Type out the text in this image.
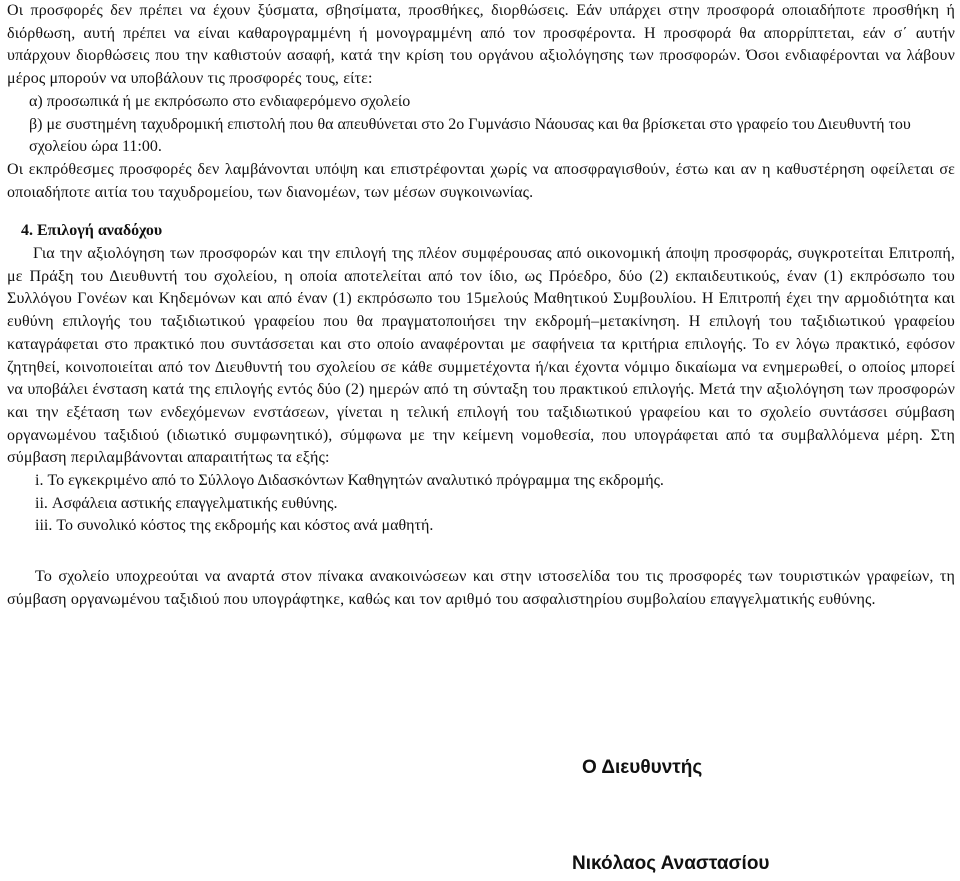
Οι προσφορές δεν πρέπει να έχουν ξύσματα, σβησίματα, προσθήκες, διορθώσεις. Εάν υπάρχει στην προσφορά οποιαδήποτε προσθήκη ή διόρθωση, αυτή πρέπει να είναι καθαρογραμμένη ή μονογραμμένη από τον προσφέροντα. Η προσφορά θα απορρίπτεται, εάν σ΄ αυτήν υπάρχουν διορθώσεις που την καθιστούν ασαφή, κατά την κρίση του οργάνου αξιολόγησης των προσφορών. Όσοι ενδιαφέρονται να λάβουν μέρος μπορούν να υποβάλουν τις προσφορές τους, είτε:

α) προσωπικά ή με εκπρόσωπο στο ενδιαφερόμενο σχολείο

β) με συστημένη ταχυδρομική επιστολή που θα απευθύνεται στο 2ο Γυμνάσιο Νάουσας και θα βρίσκεται στο γραφείο του Διευθυντή του σχολείου ώρα 11:00.

Οι εκπρόθεσμες προσφορές δεν λαμβάνονται υπόψη και επιστρέφονται χωρίς να αποσφραγισθούν, έστω και αν η καθυστέρηση οφείλεται σε οποιαδήποτε αιτία του ταχυδρομείου, των διανομέων, των μέσων συγκοινωνίας.

4. Επιλογή αναδόχου

Για την αξιολόγηση των προσφορών και την επιλογή της πλέον συμφέρουσας από οικονομική άποψη προσφοράς, συγκροτείται Επιτροπή, με Πράξη του Διευθυντή του σχολείου, η οποία αποτελείται από τον ίδιο, ως Πρόεδρο, δύο (2) εκπαιδευτικούς, έναν (1) εκπρόσωπο του Συλλόγου Γονέων και Κηδεμόνων και από έναν (1) εκπρόσωπο του 15μελούς Μαθητικού Συμβουλίου. Η Επιτροπή έχει την αρμοδιότητα και ευθύνη επιλογής του ταξιδιωτικού γραφείου που θα πραγματοποιήσει την εκδρομή–μετακίνηση. Η επιλογή του ταξιδιωτικού γραφείου καταγράφεται στο πρακτικό που συντάσσεται και στο οποίο αναφέρονται με σαφήνεια τα κριτήρια επιλογής. Το εν λόγω πρακτικό, εφόσον ζητηθεί, κοινοποιείται από τον Διευθυντή του σχολείου σε κάθε συμμετέχοντα ή/και έχοντα νόμιμο δικαίωμα να ενημερωθεί, ο οποίος μπορεί να υποβάλει ένσταση κατά της επιλογής εντός δύο (2) ημερών από τη σύνταξη του πρακτικού επιλογής. Μετά την αξιολόγηση των προσφορών και την εξέταση των ενδεχόμενων ενστάσεων, γίνεται η τελική επιλογή του ταξιδιωτικού γραφείου και το σχολείο συντάσσει σύμβαση οργανωμένου ταξιδιού (ιδιωτικό συμφωνητικό), σύμφωνα με την κείμενη νομοθεσία, που υπογράφεται από τα συμβαλλόμενα μέρη. Στη σύμβαση περιλαμβάνονται απαραιτήτως τα εξής:

i. Το εγκεκριμένο από το Σύλλογο Διδασκόντων Καθηγητών αναλυτικό πρόγραμμα της εκδρομής.

ii. Ασφάλεια αστικής επαγγελματικής ευθύνης.

iii. Το συνολικό κόστος της εκδρομής και κόστος ανά μαθητή.

Το σχολείο υποχρεούται να αναρτά στον πίνακα ανακοινώσεων και στην ιστοσελίδα του τις προσφορές των τουριστικών γραφείων, τη σύμβαση οργανωμένου ταξιδιού που υπογράφτηκε, καθώς και τον αριθμό του ασφαλιστηρίου συμβολαίου επαγγελματικής ευθύνης.

Ο Διευθυντής
Νικόλαος Αναστασίου
